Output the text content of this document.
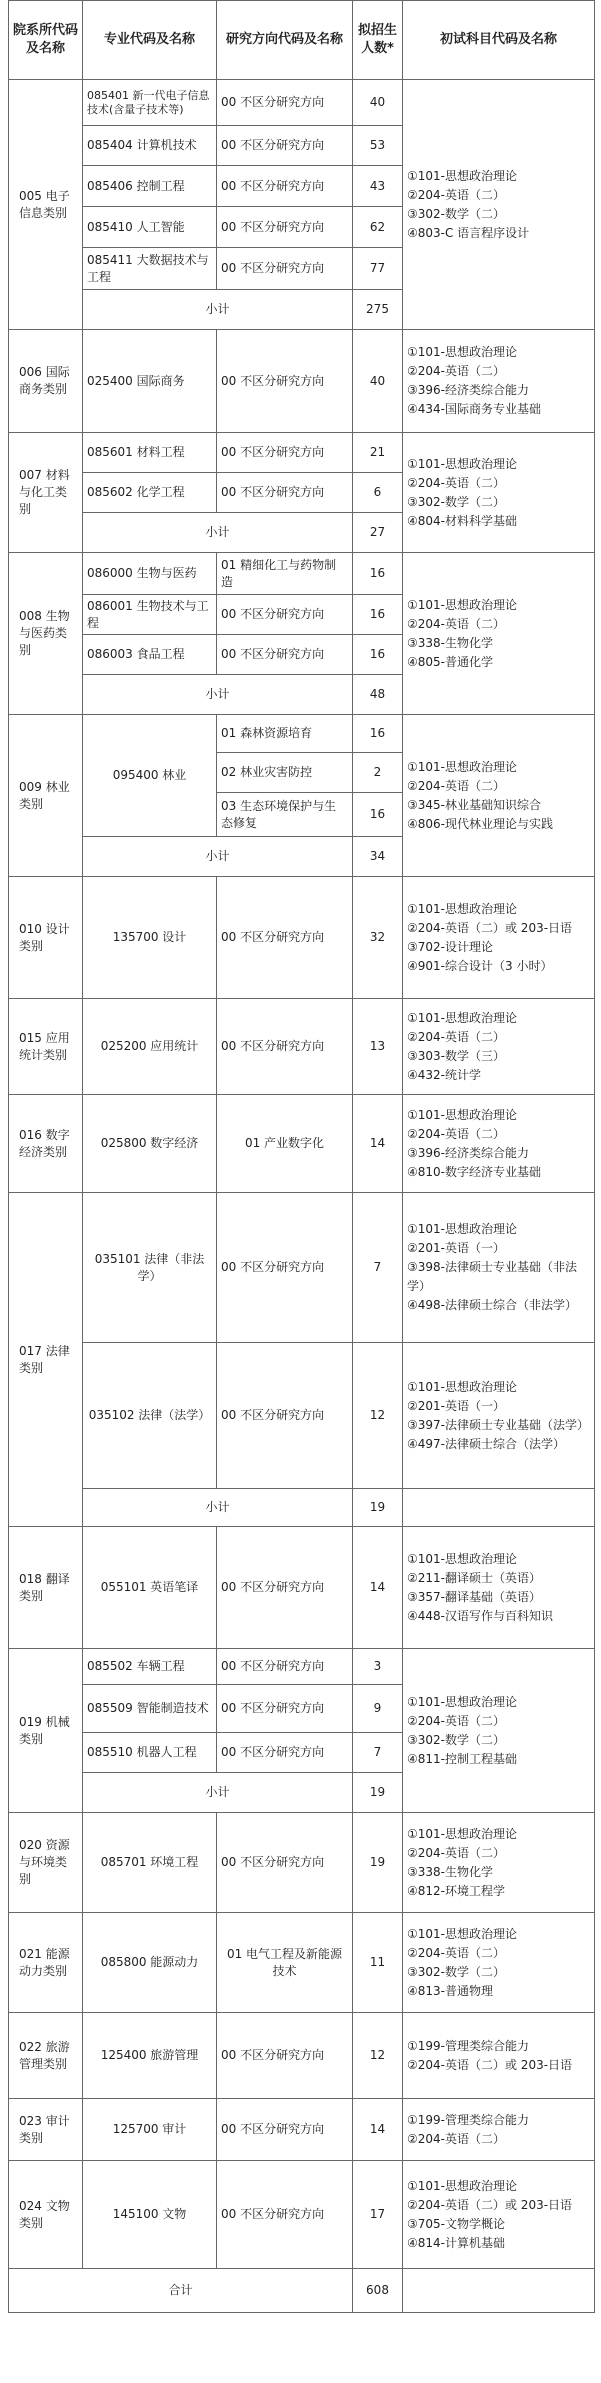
院系所代码及名称	专业代码及名称	研究方向代码及名称	拟招生人数*	初试科目代码及名称
005 电子信息类别	085401 新一代电子信息技术(含量子技术等)	00 不区分研究方向	40	①101-思想政治理论
②204-英语（二）
③302-数学（二）
④803-C 语言程序设计

	085404 计算机技术	00 不区分研究方向	53	
	085406 控制工程	00 不区分研究方向	43	
	085410 人工智能	00 不区分研究方向	62	
	085411 大数据技术与工程	00 不区分研究方向	77	
	小计		275	
006 国际商务类别	025400 国际商务	00 不区分研究方向	40	①101-思想政治理论
②204-英语（二）
③396-经济类综合能力
④434-国际商务专业基础

007 材料与化工类别	085601 材料工程	00 不区分研究方向	21	①101-思想政治理论
②204-英语（二）
③302-数学（二）
④804-材料科学基础

	085602 化学工程	00 不区分研究方向	6	
	小计		27	
008 生物与医药类别	086000 生物与医药	01 精细化工与药物制造	16	①101-思想政治理论
②204-英语（二）
③338-生物化学
④805-普通化学

	086001 生物技术与工程	00 不区分研究方向	16	
	086003 食品工程	00 不区分研究方向	16	
	小计		48	
009 林业类别	095400 林业	01 森林资源培育	16	①101-思想政治理论
②204-英语（二）
③345-林业基础知识综合
④806-现代林业理论与实践

		02 林业灾害防控	2	
		03 生态环境保护与生态修复	16	
	小计		34	
010 设计类别	135700 设计	00 不区分研究方向	32	①101-思想政治理论
②204-英语（二）或 203-日语
③702-设计理论
④901-综合设计（3 小时）

015 应用统计类别	025200 应用统计	00 不区分研究方向	13	①101-思想政治理论
②204-英语（二）
③303-数学（三）
④432-统计学

016 数字经济类别	025800 数字经济	01 产业数字化	14	①101-思想政治理论
②204-英语（二）
③396-经济类综合能力
④810-数字经济专业基础

017 法律类别	035101 法律（非法学）	00 不区分研究方向	7	①101-思想政治理论
②201-英语（一）
③398-法律硕士专业基础（非法学）
④498-法律硕士综合（非法学）

	035102 法律（法学）	00 不区分研究方向	12	①101-思想政治理论
②201-英语（一）
③397-法律硕士专业基础（法学）
④497-法律硕士综合（法学）

	小计		19	
018 翻译类别	055101 英语笔译	00 不区分研究方向	14	①101-思想政治理论
②211-翻译硕士（英语）
③357-翻译基础（英语）
④448-汉语写作与百科知识

019 机械类别	085502 车辆工程	00 不区分研究方向	3	①101-思想政治理论
②204-英语（二）
③302-数学（二）
④811-控制工程基础

	085509 智能制造技术	00 不区分研究方向	9	
	085510 机器人工程	00 不区分研究方向	7	
	小计		19	
020 资源与环境类别	085701 环境工程	00 不区分研究方向	19	①101-思想政治理论
②204-英语（二）
③338-生物化学
④812-环境工程学

021 能源动力类别	085800 能源动力	01 电气工程及新能源技术	11	①101-思想政治理论
②204-英语（二）
③302-数学（二）
④813-普通物理

022 旅游管理类别	125400 旅游管理	00 不区分研究方向	12	①199-管理类综合能力
②204-英语（二）或 203-日语

023 审计类别	125700 审计	00 不区分研究方向	14	①199-管理类综合能力
②204-英语（二）

024 文物类别	145100 文物	00 不区分研究方向	17	①101-思想政治理论
②204-英语（二）或 203-日语
③705-文物学概论
④814-计算机基础

合计			608	
